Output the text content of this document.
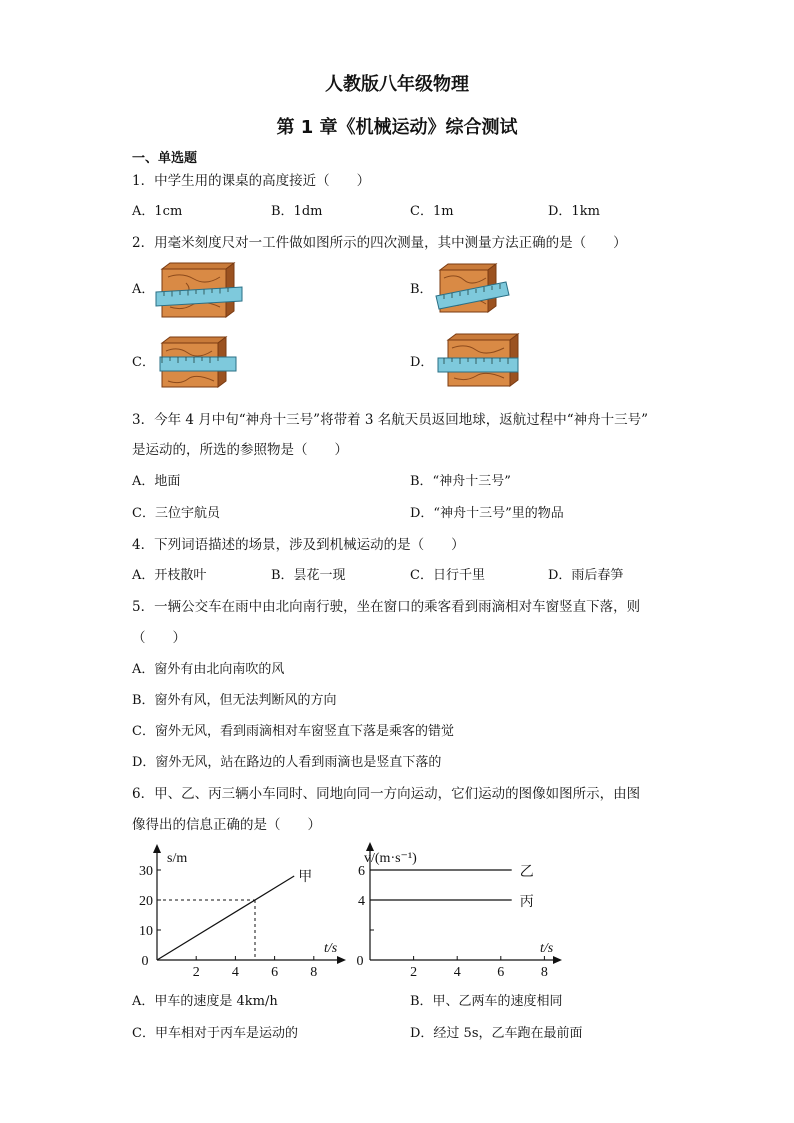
人教版八年级物理
第 1 章《机械运动》综合测试
一、单选题
1．中学生用的课桌的高度接近（　　）
A．1cm	B．1dm	C．1m	D．1km
2．用毫米刻度尺对一工件做如图所示的四次测量，其中测量方法正确的是（　　）
A．	B．
C．	D．
3．今年 4 月中旬“神舟十三号”将带着 3 名航天员返回地球，返航过程中“神舟十三号”
是运动的，所选的参照物是（　　）
A．地面	B．“神舟十三号”
C．三位宇航员	D．“神舟十三号”里的物品
4．下列词语描述的场景，涉及到机械运动的是（　　）
A．开枝散叶	B．昙花一现	C．日行千里	D．雨后春笋
5．一辆公交车在雨中由北向南行驶，坐在窗口的乘客看到雨滴相对车窗竖直下落，则
（　　）
A．窗外有由北向南吹的风
B．窗外有风，但无法判断风的方向
C．窗外无风，看到雨滴相对车窗竖直下落是乘客的错觉
D．窗外无风，站在路边的人看到雨滴也是竖直下落的
6．甲、乙、丙三辆小车同时、同地向同一方向运动，它们运动的图像如图所示，由图
像得出的信息正确的是（　　）
s/m
t/s
0
10
20
30
2 4 6 8
甲
v/(m·s⁻¹)
t/s
0
4
6
2	4	6	8
乙
丙
A．甲车的速度是 4km/h	B．甲、乙两车的速度相同
C．甲车相对于丙车是运动的	D．经过 5s，乙车跑在最前面
